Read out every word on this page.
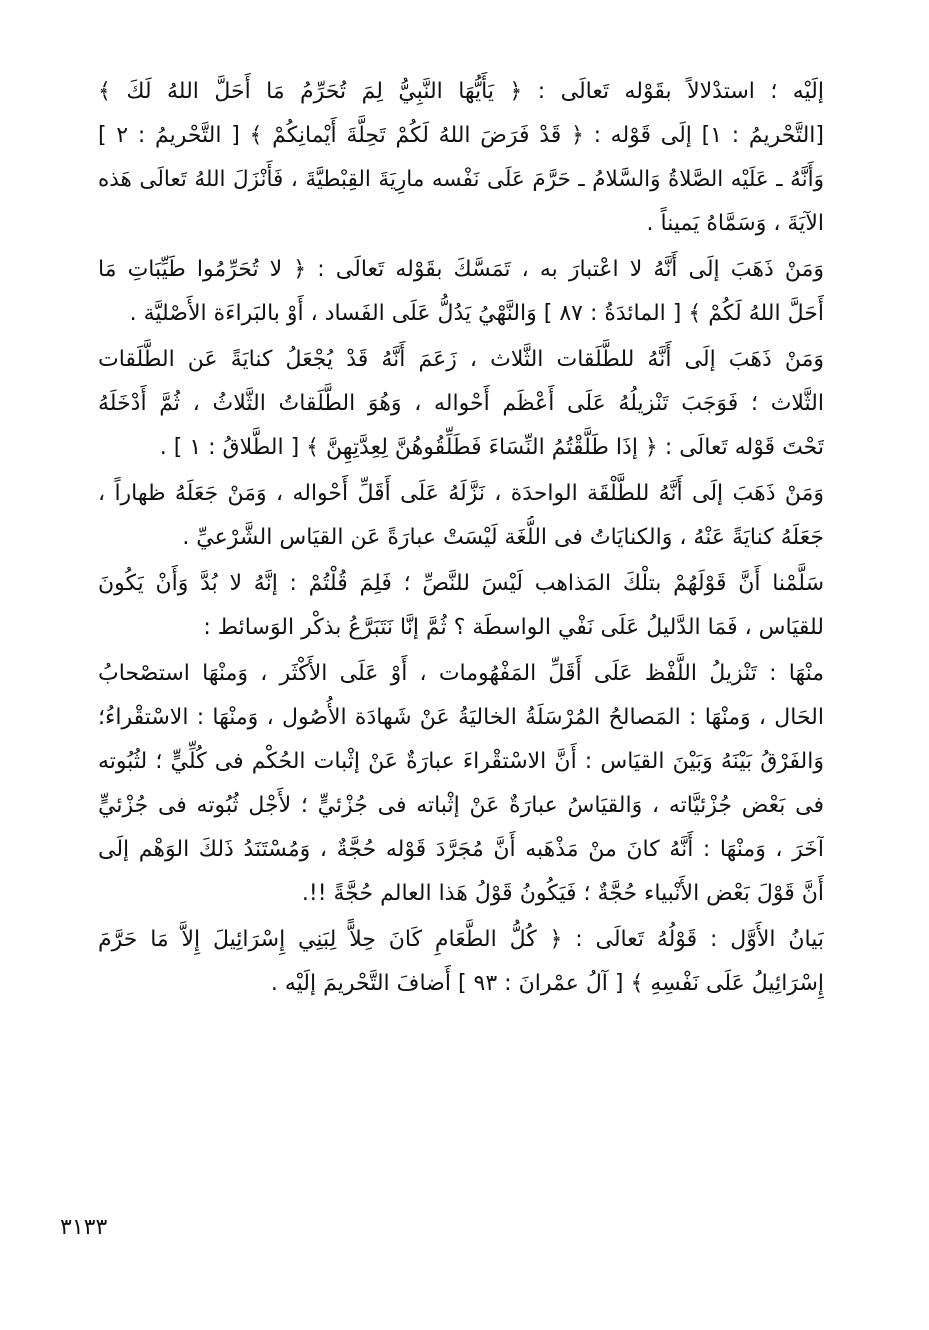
إلَيْه ؛ استدْلالاً بقَوْله تَعالَى : ﴿ يَأَيُّهَا النَّبِيُّ لِمَ تُحَرِّمُ مَا أَحَلَّ اللهُ لَكَ ﴾
[التَّحْريمُ : ١] إلَى قَوْله : ﴿ قَدْ فَرَضَ اللهُ لَكُمْ تَحِلَّةَ أَيْمانِكُمْ ﴾ [ التَّحْريمُ : ٢ ]
وَأَنَّهُ ـ عَلَيْه الصَّلاةُ وَالسَّلامُ ـ حَرَّمَ عَلَى نَفْسه مارِيَةَ القِبْطيَّةَ ، فَأَنْزَلَ اللهُ تَعالَى هَذه
الآيَةَ ، وَسَمَّاهُ يَميناً .
وَمَنْ ذَهَبَ إلَى أَنَّهُ لا اعْتبارَ به ، تَمَسَّكَ بقَوْله تَعالَى : ﴿ لا تُحَرِّمُوا طَيِّبَاتِ مَا
أَحَلَّ اللهُ لَكُمْ ﴾ [ المائدَةُ : ٨٧ ] وَالنَّهْيُ يَدُلُّ عَلَى الفَساد ، أَوْ بالبَراءَة الأَصْليَّة .
وَمَنْ ذَهَبَ إلَى أَنَّهُ للطَّلَقات الثَّلاث ، زَعَمَ أَنَّهُ قَدْ يُجْعَلُ كنايَةً عَن الطَّلَقات
الثَّلاث ؛ فَوَجَبَ تَنْزيلُهُ عَلَى أَعْظَم أَحْواله ، وَهُوَ الطَّلَقاتُ الثَّلاثُ ، ثُمَّ أَدْخَلَهُ
تَحْتَ قَوْله تَعالَى : ﴿ إذَا طَلَّقْتُمُ النِّسَاءَ فَطَلِّقُوهُنَّ لِعِدَّتِهِنَّ ﴾ [ الطَّلاقُ : ١ ] .
وَمَنْ ذَهَبَ إلَى أَنَّهُ للطَّلْقَة الواحدَة ، نَزَّلَهُ عَلَى أَقَلِّ أَحْواله ، وَمَنْ جَعَلَهُ ظهاراً ،
جَعَلَهُ كنايَةً عَنْهُ ، وَالكنايَاتُ فى اللُّغَة لَيْسَتْ عبارَةً عَن القيَاس الشَّرْعيِّ .
سَلَّمْنا أَنَّ قَوْلَهُمْ بتلْكَ المَذاهب لَيْسَ للنَّصِّ ؛ فَلِمَ قُلْتُمْ : إنَّهُ لا بُدَّ وَأَنْ يَكُونَ
للقيَاس ، فَمَا الدَّليلُ عَلَى نَفْي الواسطَة ؟ ثُمَّ إنَّا نَتَبَرَّعُ بذكْر الوَسائط :
منْهَا : تَنْزيلُ اللَّفْظ عَلَى أَقَلِّ المَفْهُومات ، أَوْ عَلَى الأَكْثَر ، وَمنْهَا استصْحابُ
الحَال ، وَمنْهَا : المَصالحُ المُرْسَلَةُ الخاليَةُ عَنْ شَهادَة الأُصُول ، وَمنْهَا : الاسْتقْراءُ؛
وَالفَرْقُ بَيْنَهُ وَبَيْنَ القيَاس : أَنَّ الاسْتقْراءَ عبارَةٌ عَنْ إثْبات الحُكْم فى كُلِّيٍّ ؛ لثُبُوته
فى بَعْض جُزْئيَّاته ، وَالقيَاسُ عبارَةٌ عَنْ إثْباته فى جُزْئيٍّ ؛ لأَجْل ثُبُوته فى جُزْئيٍّ
آخَرَ ، وَمنْهَا : أَنَّهُ كانَ منْ مَذْهَبه أَنَّ مُجَرَّدَ قَوْله حُجَّةٌ ، وَمُسْتَنَدُ ذَلكَ الوَهْم إلَى
أَنَّ قَوْلَ بَعْض الأَنْبياء حُجَّةٌ ؛ فَيَكُونُ قَوْلُ هَذا العالم حُجَّةً !!.
بَيانُ الأَوَّل : قَوْلُهُ تَعالَى : ﴿ كُلُّ الطَّعَامِ كَانَ حِلاًّ لِبَنِي إِسْرَائِيلَ إِلاَّ مَا حَرَّمَ
إِسْرَائِيلُ عَلَى نَفْسِهِ ﴾ [ آلُ عمْرانَ : ٩٣ ] أَضافَ التَّحْريمَ إلَيْه .
٣١٣٣
